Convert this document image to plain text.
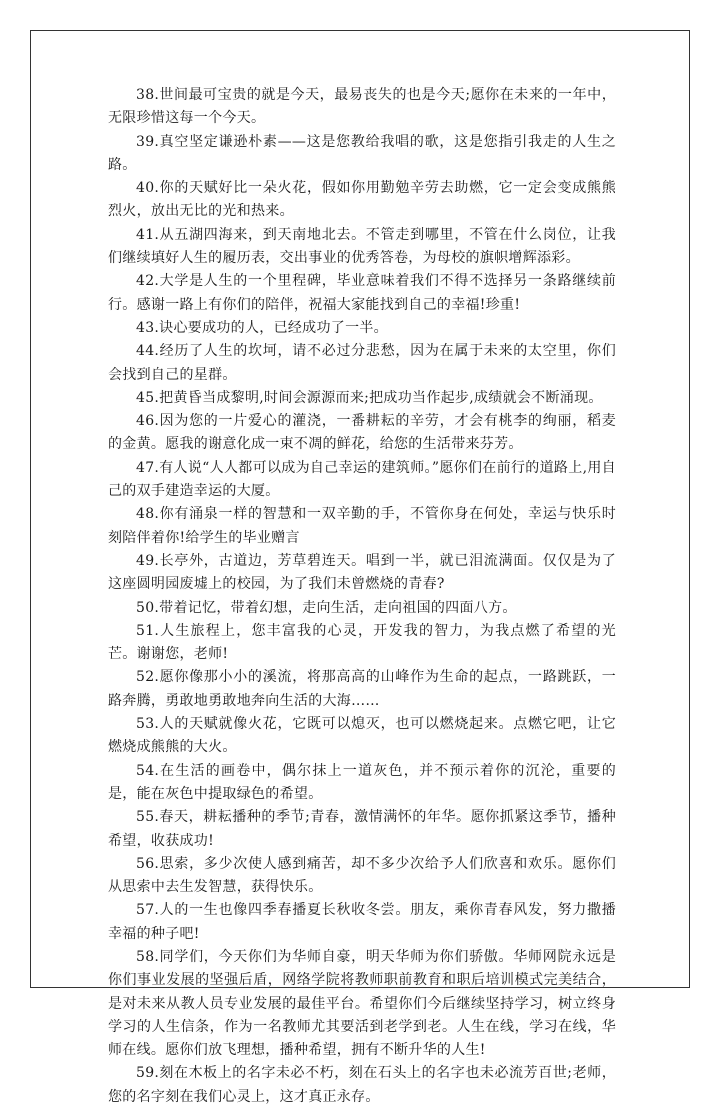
38.世间最可宝贵的就是今天，最易丧失的也是今天;愿你在未来的一年中，无限珍惜这每一个今天。

39.真空坚定谦逊朴素——这是您教给我唱的歌，这是您指引我走的人生之路。

40.你的天赋好比一朵火花，假如你用勤勉辛劳去助燃，它一定会变成熊熊烈火，放出无比的光和热来。

41.从五湖四海来，到天南地北去。不管走到哪里，不管在什么岗位，让我们继续填好人生的履历表，交出事业的优秀答卷，为母校的旗帜增辉添彩。

42.大学是人生的一个里程碑，毕业意味着我们不得不选择另一条路继续前行。感谢一路上有你们的陪伴，祝福大家能找到自己的幸福!珍重!

43.诀心要成功的人，已经成功了一半。

44.经历了人生的坎坷，请不必过分悲愁，因为在属于未来的太空里，你们会找到自己的星群。

45.把黄昏当成黎明,时间会源源而来;把成功当作起步,成绩就会不断涌现。

46.因为您的一片爱心的灌浇，一番耕耘的辛劳，才会有桃李的绚丽，稻麦的金黄。愿我的谢意化成一束不凋的鲜花，给您的生活带来芬芳。

47.有人说“人人都可以成为自己幸运的建筑师。”愿你们在前行的道路上,用自己的双手建造幸运的大厦。

48.你有涌泉一样的智慧和一双辛勤的手，不管你身在何处，幸运与快乐时刻陪伴着你!给学生的毕业赠言

49.长亭外，古道边，芳草碧连天。唱到一半，就已泪流满面。仅仅是为了这座圆明园废墟上的校园，为了我们未曾燃烧的青春?

50.带着记忆，带着幻想，走向生活，走向祖国的四面八方。

51.人生旅程上，您丰富我的心灵，开发我的智力，为我点燃了希望的光芒。谢谢您，老师!

52.愿你像那小小的溪流，将那高高的山峰作为生命的起点，一路跳跃，一路奔腾，勇敢地勇敢地奔向生活的大海……

53.人的天赋就像火花，它既可以熄灭，也可以燃烧起来。点燃它吧，让它燃烧成熊熊的大火。

54.在生活的画卷中，偶尔抹上一道灰色，并不预示着你的沉沦，重要的是，能在灰色中提取绿色的希望。

55.春天，耕耘播种的季节;青春，激情满怀的年华。愿你抓紧这季节，播种希望，收获成功!

56.思索，多少次使人感到痛苦，却不多少次给予人们欣喜和欢乐。愿你们从思索中去生发智慧，获得快乐。

57.人的一生也像四季春播夏长秋收冬尝。朋友，乘你青春风发，努力撒播幸福的种子吧!

58.同学们，今天你们为华师自豪，明天华师为你们骄傲。华师网院永远是你们事业发展的坚强后盾，网络学院将教师职前教育和职后培训模式完美结合，是对未来从教人员专业发展的最佳平台。希望你们今后继续坚持学习，树立终身学习的人生信条，作为一名教师尤其要活到老学到老。人生在线，学习在线，华师在线。愿你们放飞理想，播种希望，拥有不断升华的人生!

59.刻在木板上的名字未必不朽，刻在石头上的名字也未必流芳百世;老师，您的名字刻在我们心灵上，这才真正永存。
